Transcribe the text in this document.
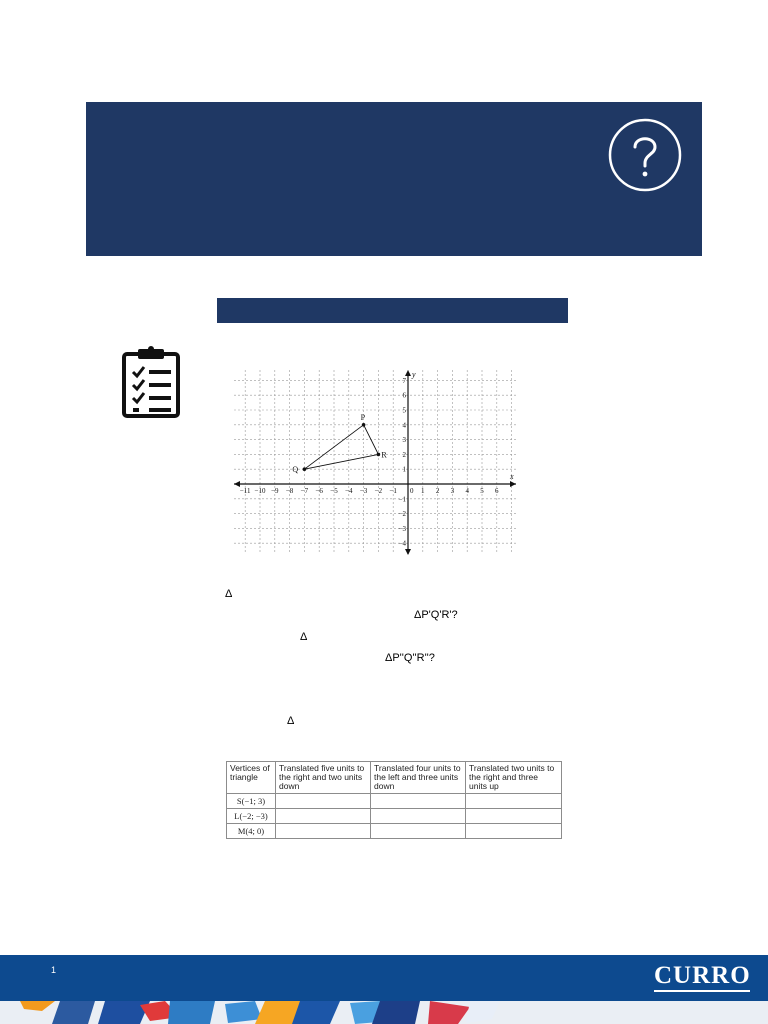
x
y
−11 −10 −9 −8 −7 −6 −5 −4 −3 −2 −1 0 1 2 3 4 5 6
7
6
5
4
3
2
1
−1
−2
−3
−4
P
Q
R
Δ
ΔP'Q'R'?
Δ
ΔP''Q''R''?
Δ
Vertices of triangle	Translated five units to the right and two units down	Translated four units to the left and three units down	Translated two units to the right and three units up
S(−1; 3)			
L(−2; −3)			
M(4; 0)			
1	CURRO
